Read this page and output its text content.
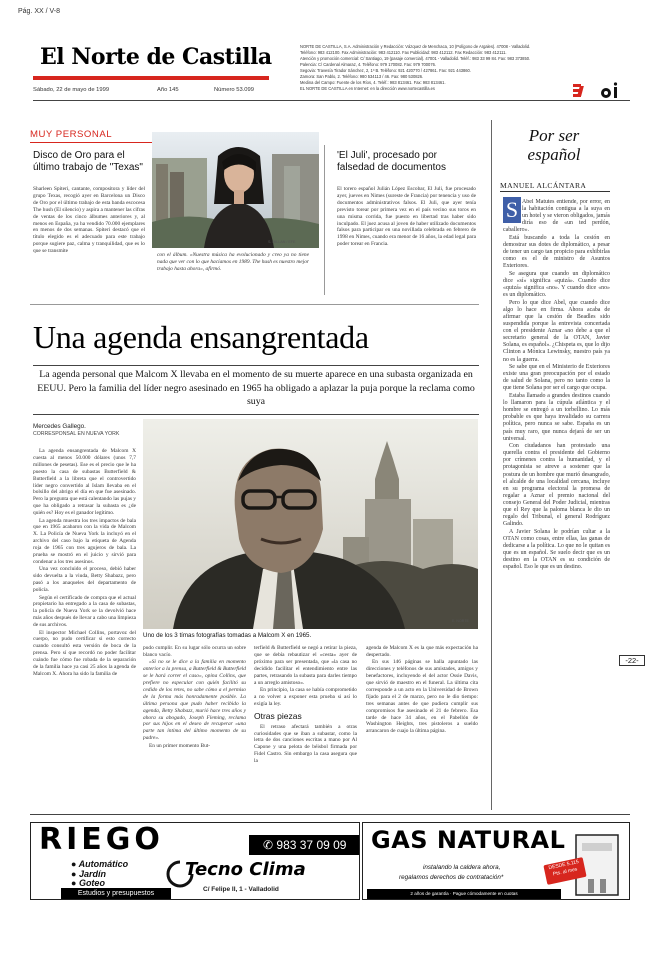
Pág. XX / V-8
El Norte de Castilla
Sábado, 22 de mayo de 1999	Año 145	Número 53.099
NORTE DE CASTILLA, S.A. Administración y Redacción: Vázquez de Menchaca, 10 (Polígono de Argales). 47008 - Valladolid.
Teléfono: 983 412100. Fax Administración: 983 412110. Fax Publicidad: 983 412112. Fax Redacción: 983 412111.
Atención y promoción comercial: C/ Santiago, 19 (pasaje comercial). 47001 - Valladolid. Teléf.: 983 33 99 84. Fax: 983 373850.
Palencia: C/ Cardenal Almaraz, 4. Teléfono: 979 170082. Fax: 979 700076.
Segovia: Travesía Tirador Sánchez, 2, 1º B. Teléfono: 921 420770 / 427861. Fax: 921 443860.
Zamora: San Pablo, 2. Teléfono: 980 534113 / 46. Fax: 980 530826.
Medina del Campo: Fuente de los Ríos, 4. Teléf.: 983 813461. Fax: 983 813461.
EL NORTE DE CASTILLA en Internet: en la dirección www.nortecastilla.es
MUY PERSONAL
Disco de Oro para el último trabajo de "Texas"

Sharleen Spiteri, cantante, compositora y líder del grupo Texas, recogió ayer en Barcelona un Disco de Oro por el último trabajo de esta banda escocesa The hush (El silencio) y aspira a mantener las cifras de ventas de los cinco álbumes anteriores y, al menos en España, ya ha vendido 70.000 ejemplares en menos de dos semanas. Spiteri destacó que el título elegido es el adecuado para este trabajo porque sugiere paz, calma y tranquilidad, que es lo que se transmite

S. MILLAN / EFE

con el álbum. «Nuestra música ha evolucionado y creo ya no tiene nada que ver con lo que hacíamos en 1989. The hush es nuestro mejor trabajo hasta ahora», afirmó.

'El Juli', procesado por falsedad de documentos

El torero español Julián López Escobar, El Juli, fue procesado ayer, jueves en Nimes (sureste de Francia) por tenencia y uso de documentos administrativos falsos. El Juli, que ayer tenía previsto torear por primera vez en el país vecino sus toros en una misma corrida, fue puesto en libertad tras haber sido inculpado. El juez acusa al joven de haber utilizado documentos falsos para participar en una novillada celebrada en febrero de 1998 en Nimes, cuando era menor de 16 años, la edad legal para poder torear en Francia.

Por ser español
MANUEL ALCÁNTARA
S Abel Matutes entiende, por error, en la habitación contigua a la suya en un hotel y se vieron obligados, jamás diría eso de «un ted perdón, caballero».

Está buscando a toda la cesión en demostrar sus dotes de diplomático, a pesar de tener un cargo tan propicio para exhibirlas como es el de ministro de Asuntos Exteriores.

Se asegura que cuando un diplomático dice «sí» significa «quizá». Cuando dice «quizá» significa «no». Y cuando dice «no» es un diplomático.

Pero lo que dice Abel, que cuando dice algo lo hace en firma. Ahora acaba de afirmar que la cesión de Beadles sido suspendida porque la entrevista concertada con el presidente Aznar «no debe a que el secretario general de la OTAN, Javier Solana, es español». ¿Chispeta es, que lo dijo Clinton a Mónica Lewinsky, nuestro país ya no es la guerra.

Se sabe que en el Ministerio de Exteriores existe una gran preocupación por el estado de salud de Solana, pero no tanto como la que tiene Solana por ser el cargo que ocupa.

Estaba llamado a grandes destinos cuando lo llamaron para la cúpula atlántica y el hombre se entregó a un torbellino. Lo más probable es que haya invalidado su carrera política, pero nunca se sabe. España es un país muy raro, que nunca dejará de ser un universal.

Con ciudadanos han protestado una querella contra el presidente del Gobierno por crímenes contra la humanidad, y el protagonista se atreve a sostener que la postura de un hombre que murió desangrado, el alcalde de una localidad cercana, incluye en su programa electoral la promesa de regalar a Aznar el premio nacional del consejo General del Poder Judicial, mientras que el Rey que la paloma blanca le dio un regalo del Tribunal, el general Rodríguez Galindo.

A Javier Solana le podrían cultar a la OTAN como cosas, entre ellas, las ganas de dedicarse a la política. Lo que no le quitan es que es un español. Se suelo decir que es un destino en la OTAN es su condición de español. Eso le que es un destino.

-22-
Una agenda ensangrentada
La agenda personal que Malcom X llevaba en el momento de su muerte aparece en una subasta organizada en EEUU. Pero la familia del líder negro asesinado en 1965 ha obligado a aplazar la puja porque la reclama como suya
Mercedes Gallego.
CORRESPONSAL EN NUEVA YORK

La agenda ensangrentada de Malcom X cuesta al menos 50.000 dólares (unos 7,7 millones de pesetas). Ese es el precio que le ha puesto la casa de subastas Butterfield & Butterfield a la libreta que el controvertido líder negro convertido al Islam llevaba en el bolsillo del abrigo el día en que fue asesinado. Pero la pregunta que está calentando las pujas y que ha obligado a retrasar la subasta es ¿de quién es? Hoy es el ganador legítimo.

La agenda muestra los tres impactos de bala que en 1965 acabaron con la vida de Malcom X. La Policía de Nueva York la incluyó en el archivo del caso bajo la etiqueta de Agenda roja de 1965 con tres agujeros de bala. La prueba se mostró en el juicio y sirvió para condenar a los tres asesinos.

Una vez concluido el proceso, debió haber sido devuelta a la viuda, Betty Shabazz, pero pasó a los anaqueles del departamento de policía.

Según el certificado de compra que el actual propietario ha entregado a la casa de subastas, la policía de Nueva York se la devolvió hace más años después de llevar a cabo una limpieza de sus archivos.

El inspector Michael Collins, portavoz del cuerpo, no pudo certificar si esto correcto cuando consultó esta versión de boca de la prensa. Pero sí que recordó no poder facilitar cuándo fue cómo fue robada de la separación de la familia hace ya casi 25 años la agenda de Malcom X. Ahora ha sido la familia de

E. NORTE
Uno de los 3 tímas fotografías tomadas a Malcom X en 1965.

pudo cumplir. En su lugar sólo ocurra un sobre blanco vacío.

«Si no se le dice a la familia en momento anterior a la prensa, a Butterfield & Butterfield se le hará correr el caso», opina Collins, que prefiere no especular con quién facilitó su cedido de los retes, no sabe cómo a el permiso de la forma más honradamente posible. La última persona que pudo haber recibido la agenda, Betty Shabazz, murió hace tres años y ahora su abogado, Joseph Fleming, reclama por sus hijos en el deseo de recuperar «una parte tan íntima del último momento de su padre».

En un primer momento But-

terfield & Butterfield se negó a retirar la pieza, que se debía rebautizar el «cesta» ayer de próximo para ser presentada, que «la casa no decidido facilitar el entendimiento entre las partes, retrasando la subasta para darles tiempo a un arreglo amistoso».

En principio, la casa se había comprometido a no volver a exponer esta prueba si así lo exigía la ley.

Otras piezas

El retraso afectará también a otras curiosidades que se iban a subastar, como la letra de dos canciones escritas a mano por Al Capone y una pelota de béisbol firmada por Fidel Castro. Sin embargo la casa asegura que la

agenda de Malcom X es la que más expectación ha despertado.

En sus 146 páginas se halla apuntado las direcciones y teléfonos de sus amistades, amigos y benefactores, incluyendo el del actor Ossie Davis, que sirvió de maestro en el funeral. La última cita corresponde a un acto en la Universidad de Brown fijado para el 2 de marzo, pero no le dio tiempo: tres semanas antes de que pudiera cumplir sus compromisos fue asesinado el 21 de febrero. Esa tarde de hace 34 años, en el Pabellón de Washington Heights, tres pistoleros a sueldo arrancaron de cuajo la última página.

RIEGO	✆ 983 37 09 09
● Automático
● Jardín
● Goteo
Estudios y presupuestos
Tecno Clima
C/ Felipe II, 1 - Valladolid
GAS NATURAL
instalando la caldera ahora,
regalamos derechos de contratación*
2 años de garantía · Pague cómodamente en cuotas
DESDE 5.115 Pts. al mes
